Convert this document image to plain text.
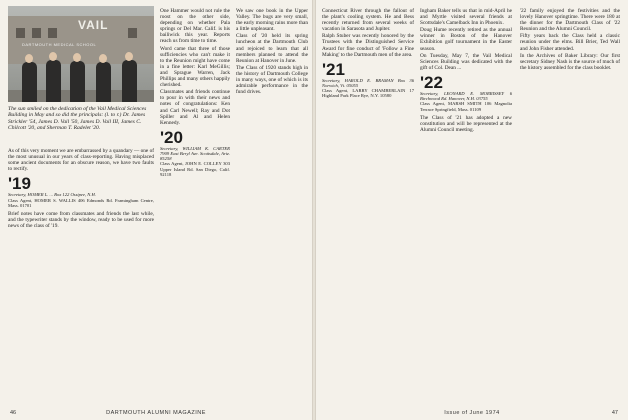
VAIL
DARTMOUTH MEDICAL SCHOOL
The sun smiled on the dedication of the Vail Medical Sciences Building in May and so did the principals: (l. to r.) Dr. James Strickler '54, James D. Vail '50, James D. Vail III, James C. Chilcott '20, and Sherman T. Radelet '20.

As of this very moment we are embarrassed by a quandary — one of the most unusual in our years of class-reporting. Having misplaced some ancient documents for an obscure reason, we have two faults to rectify.

'19
Secretary, HOMER L. ... Box 122 Ossipee, N.H.
Class Agent, HOMER S. WALLIS 406 Edmonds Rd. Framingham Centre, Mass. 01701

Brief notes have come from classmates and friends the last while, and the typewriter stands by the window, ready to be used for more news of the class of '19.

One Hammer would not rule the roost on the other side, depending on whether Pala springs or Del Mar. Calif. is his bailiwick this year. Reports reach us from time to time.

Word came that three of those sufficiencies who can't make it to the Reunion might have come in a fine letter: Karl MeGillis; and Sprague Warren, Jack Phillips and many others happily cherished.

Classmates and friends continue to pour in with their news and notes of congratulations: Ken and Carl Newell; Ray and Dot Spiller and Al and Helen Kennedy.

'20
Secretary, WILLIAM K. CARTER 7909 East Beryl Ave. Scottsdale, Ariz. 85258
Class Agent, JOHN E. COLLEY 303 Upper Island Rd. San Diego, Calif. 92118

We saw one book in the Upper Valley. The bugs are very small, the early morning rains more than a little unpleasant.

Class of '20 held its spring luncheon at the Dartmouth Club and rejoiced to learn that all members planned to attend the Reunion at Hanover in June.

The Class of 1920 stands high in the history of Dartmouth College in many ways, one of which is its admirable performance in the fund drives.

46	DARTMOUTH ALUMNI MAGAZINE

Connecticut River through the fallout of the plant's cooling system. He and Bess recently returned from several weeks of vacation in Sarasota and Jupiter.

Ralph Stuber was recently honored by the Trustees with the Distinguished Service Award for fine conduct of 'Follow a Fine Making' to the Dartmouth men of the area.

'21
Secretary, HAROLD E. BRAMAN Box 36 Norwich, Vt. 05055
Class Agent, LARRY CHAMBERLAIN 17 Highland Park Place Rye, N.Y. 10580

Ingham Baker tells us that in mid-April he and Myrtle visited several friends at Scottsdale's Camelback Inn in Phoenix.

Doug Hume recently retired as the annual winner in Boston of the Hanover Exhibition golf tournament in the Easter season.

On Tuesday, May 7, the Vail Medical Sciences Building was dedicated with the gift of Col. Dean ...

'22
Secretary, LEONARD E. MORRISSEY 6 Birchwood Rd. Hanover, N.H. 03755
Class Agent, MARSH SMITH 106 Magnolia Terrace Springfield, Mass. 01109

The Class of '21 has adopted a new constitution and will be represented at the Alumni Council meeting.

'22 family enjoyed the festivities and the lovely Hanover springtime. There were 180 at the dinner for the Dartmouth Class of '22 Reunion and the Alumni Council.

Fifty years back the Class held a classic reunion under the elms. Bill Brier, Ted Wall and John Fisher attended.

In the Archives of Baker Library: Our first secretary Sidney Nash is the source of much of the history assembled for the class booklet.

Issue of June 1974	47
